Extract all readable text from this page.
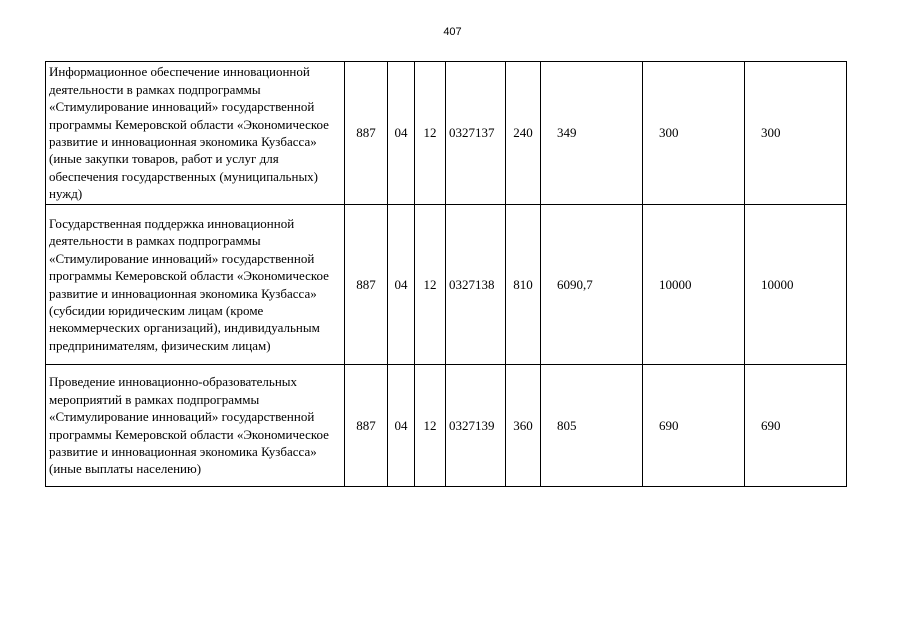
407
Информационное обеспечение инновационной деятельности в рамках подпрограммы «Стимулирование инноваций» государственной программы Кемеровской области «Экономическое развитие и инновационная экономика Кузбасса» (иные закупки товаров, работ и услуг для обеспечения государственных (муниципальных) нужд)	887	04	12	0327137	240	349	300	300
Государственная поддержка инновационной деятельности в рамках подпрограммы «Стимулирование инноваций» государственной программы Кемеровской области «Экономическое развитие и инновационная экономика Кузбасса» (субсидии юридическим лицам (кроме некоммерческих организаций), индивидуальным предпринимателям, физическим лицам)	887	04	12	0327138	810	6090,7	10000	10000
Проведение инновационно-образовательных мероприятий в рамках подпрограммы «Стимулирование инноваций» государственной программы Кемеровской области «Экономическое развитие и инновационная экономика Кузбасса» (иные выплаты населению)	887	04	12	0327139	360	805	690	690
